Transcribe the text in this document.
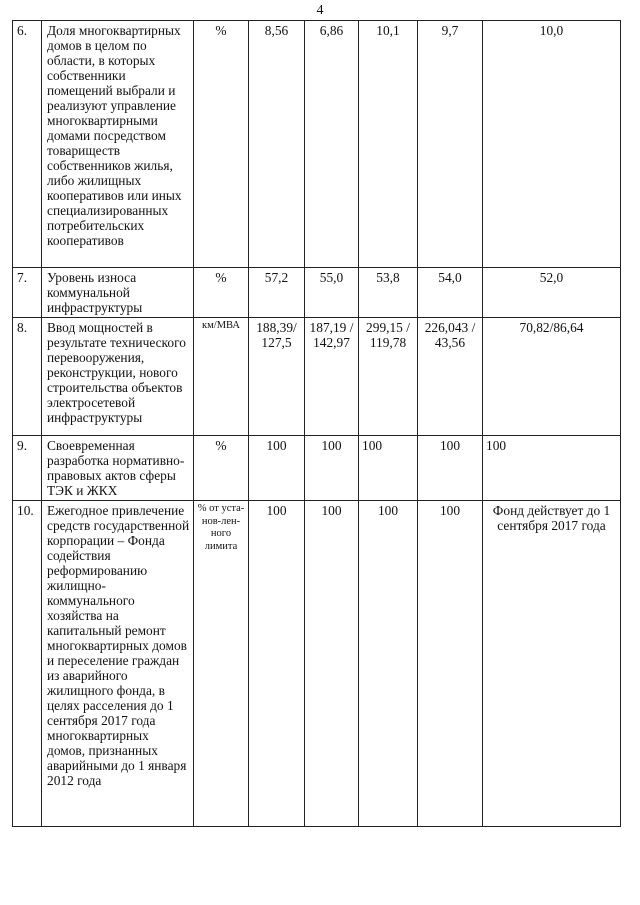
4
6.	Доля многоквартирных домов в целом по области, в которых собственники помещений выбрали и реализуют управление многоквартирными домами посредством товариществ собственников жилья, либо жилищных кооперативов или иных специализированных потребительских кооперативов	%	8,56	6,86	10,1	9,7	10,0
7.	Уровень износа коммунальной инфраструктуры	%	57,2	55,0	53,8	54,0	52,0
8.	Ввод мощностей в результате технического перевооружения, реконструкции, нового строительства объектов электросетевой инфраструктуры	км/МВА	188,39/ 127,5	187,19 / 142,97	299,15 / 119,78	226,043 / 43,56	70,82/86,64
9.	Своевременная разработка нормативно-правовых актов сферы ТЭК и ЖКХ	%	100	100	100	100	100
10.	Ежегодное привлечение средств государственной корпорации – Фонда содействия реформированию жилищно-коммунального хозяйства на капитальный ремонт многоквартирных домов и переселение граждан из аварийного жилищного фонда, в целях расселения до 1 сентября 2017 года многоквартирных домов, признанных аварийными до 1 января 2012 года	% от уста-нов-лен-ного лимита	100	100	100	100	Фонд действует до 1 сентября 2017 года
